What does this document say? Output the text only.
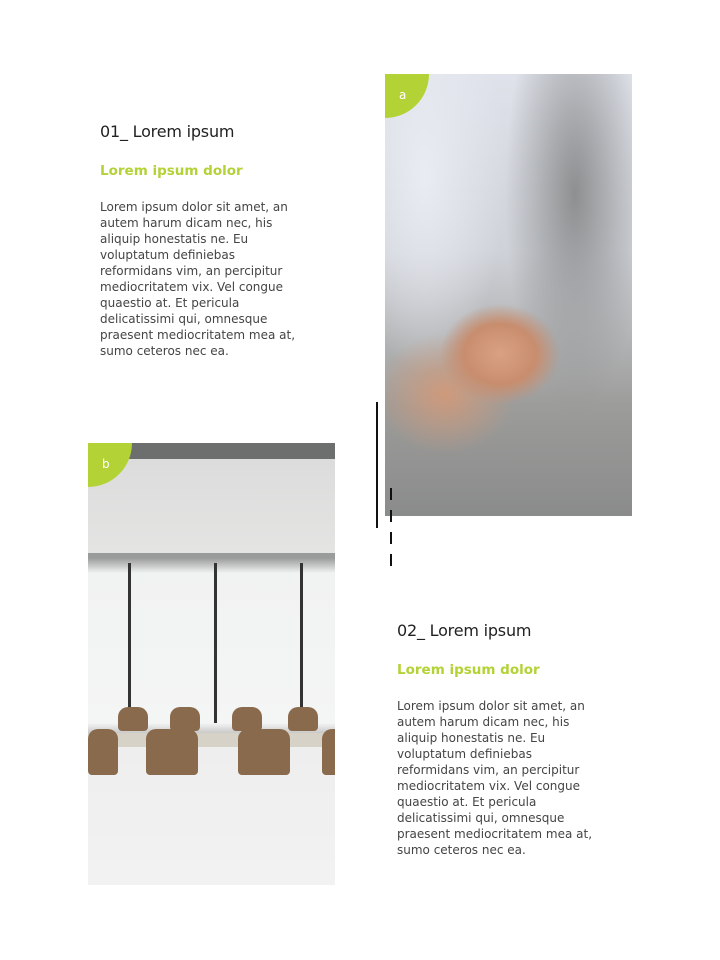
01_ Lorem ipsum
Lorem ipsum dolor
Lorem ipsum dolor sit amet, an
autem harum dicam nec, his
aliquip honestatis ne. Eu
voluptatum definiebas
reformidans vim, an percipitur
mediocritatem vix. Vel congue
quaestio at. Et pericula
delicatissimi qui, omnesque
praesent mediocritatem mea at,
sumo ceteros nec ea.
a
b
02_ Lorem ipsum
Lorem ipsum dolor
Lorem ipsum dolor sit amet, an
autem harum dicam nec, his
aliquip honestatis ne. Eu
voluptatum definiebas
reformidans vim, an percipitur
mediocritatem vix. Vel congue
quaestio at. Et pericula
delicatissimi qui, omnesque
praesent mediocritatem mea at,
sumo ceteros nec ea.
